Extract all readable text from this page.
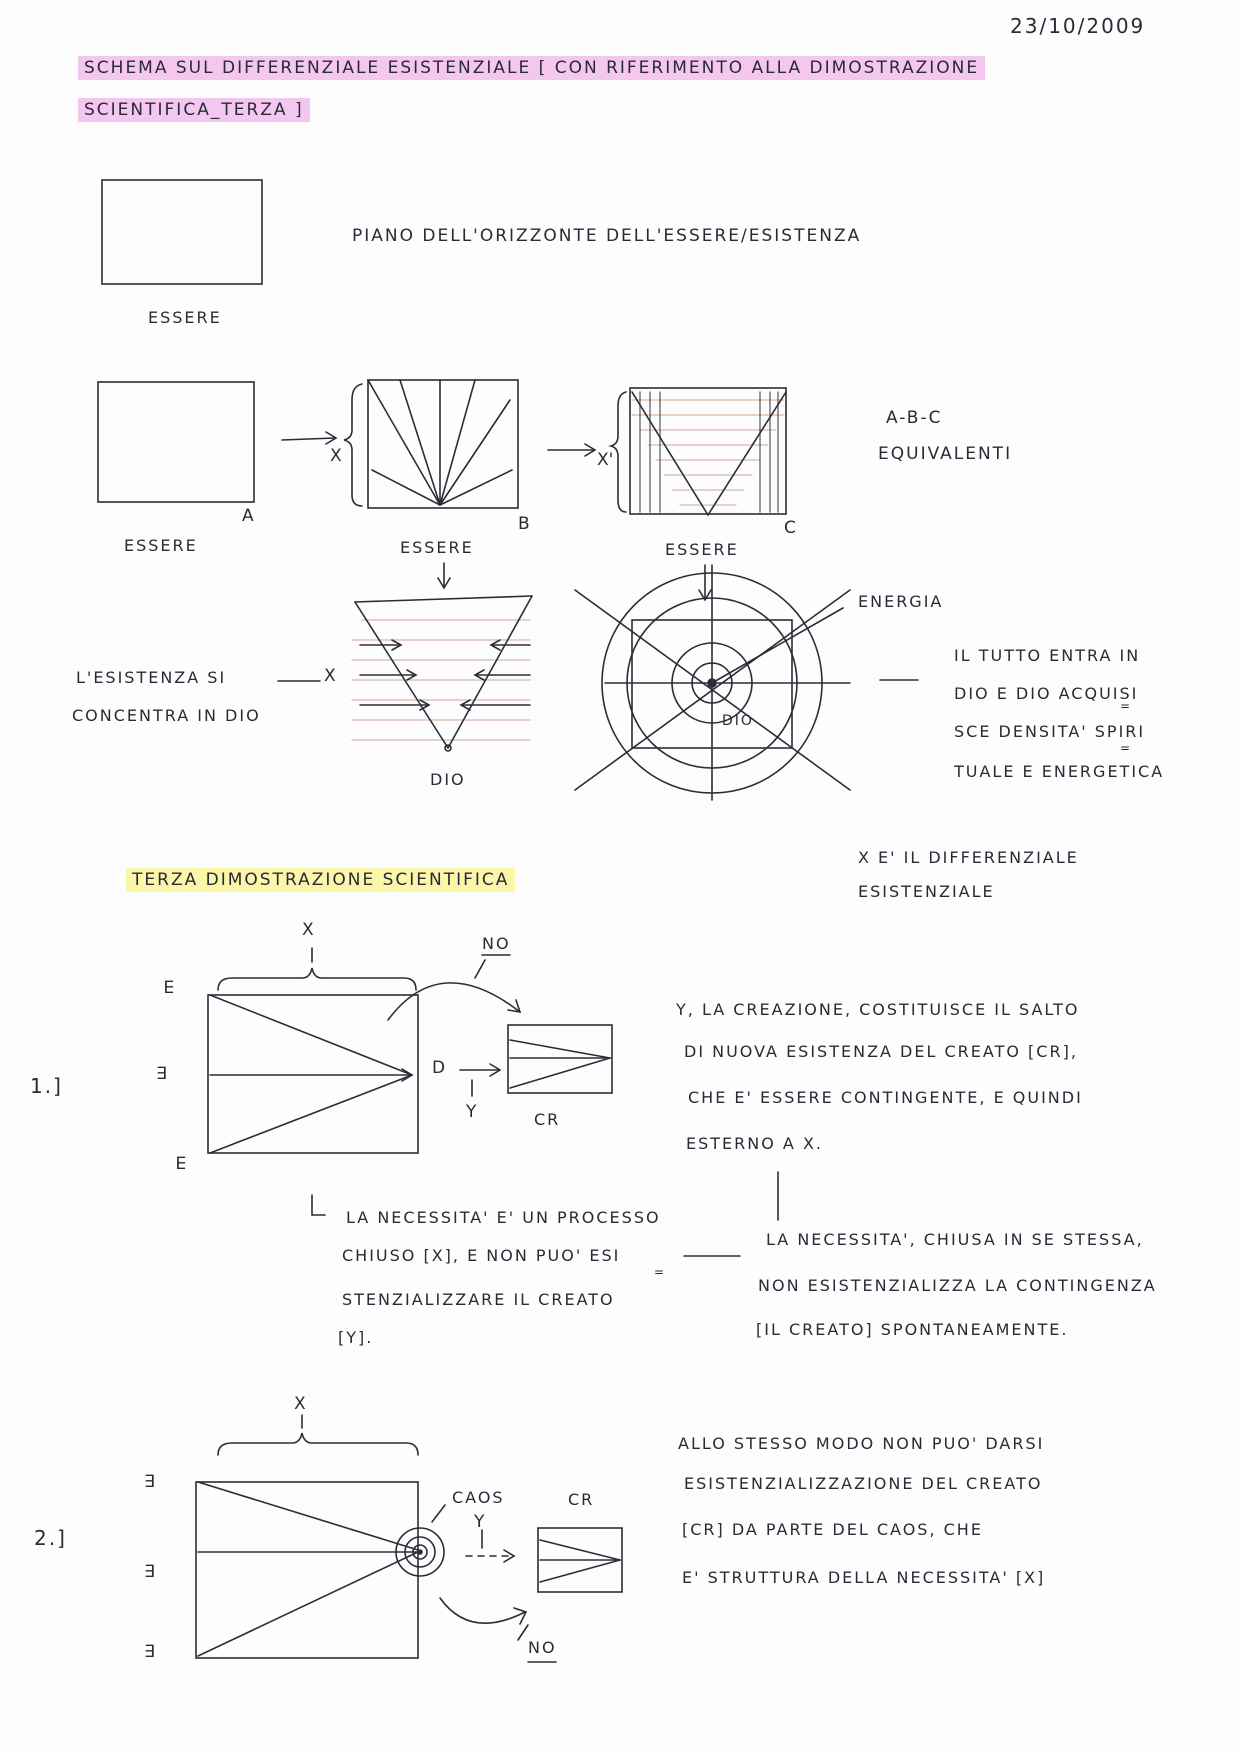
23/10/2009
SCHEMA SUL DIFFERENZIALE ESISTENZIALE [ CON RIFERIMENTO ALLA DIMOSTRAZIONE
SCIENTIFICA_TERZA ]
ESSERE
PIANO DELL'ORIZZONTE DELL'ESSERE/ESISTENZA
ESSERE
A
ESSERE
B
ESSERE
C
X	X'
A-B-C
EQUIVALENTI
L'ESISTENZA SI
CONCENTRA IN DIO
X
DIO
DIO
ENERGIA
IL TUTTO ENTRA IN
DIO E DIO ACQUISI
=
SCE DENSITA' SPIRI
=
TUALE E ENERGETICA
X E' IL DIFFERENZIALE
ESISTENZIALE
TERZA DIMOSTRAZIONE SCIENTIFICA
1.]
X
∃
∃
∃
NO
D
Y	CR
Y, LA CREAZIONE, COSTITUISCE IL SALTO
DI NUOVA ESISTENZA DEL CREATO [CR],
CHE E' ESSERE CONTINGENTE, E QUINDI
ESTERNO A X.
LA NECESSITA' E' UN PROCESSO
CHIUSO [X], E NON PUO' ESI
=
STENZIALIZZARE IL CREATO
[Y].
LA NECESSITA', CHIUSA IN SE STESSA,
NON ESISTENZIALIZZA LA CONTINGENZA
[IL CREATO] SPONTANEAMENTE.
2.]
X
∃
∃
∃
CAOS
Y
CR
NO
ALLO STESSO MODO NON PUO' DARSI
ESISTENZIALIZZAZIONE DEL CREATO
[CR] DA PARTE DEL CAOS, CHE
E' STRUTTURA DELLA NECESSITA' [X]
